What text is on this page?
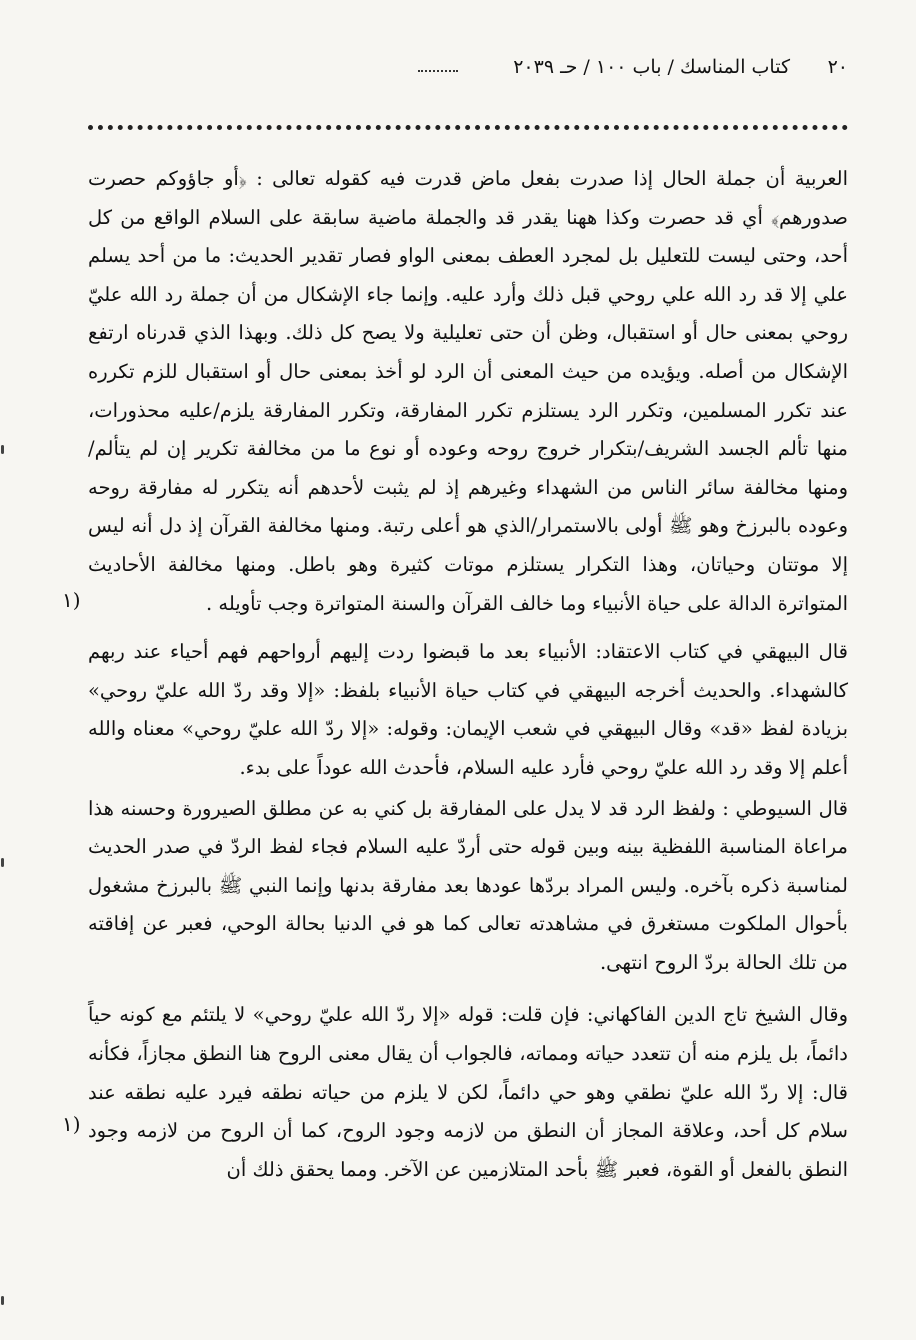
٢٠
كتاب المناسك / باب ١٠٠ / حـ ٢٠٣٩

العربية أن جملة الحال إذا صدرت بفعل ماض قدرت فيه كقوله تعالى : ﴿أو جاؤوكم حصرت صدورهم﴾ أي قد حصرت وكذا ههنا يقدر قد والجملة ماضية سابقة على السلام الواقع من كل أحد، وحتى ليست للتعليل بل لمجرد العطف بمعنى الواو فصار تقدير الحديث: ما من أحد يسلم علي إلا قد رد الله علي روحي قبل ذلك وأرد عليه. وإنما جاء الإشكال من أن جملة رد الله عليّ روحي بمعنى حال أو استقبال، وظن أن حتى تعليلية ولا يصح كل ذلك. وبهذا الذي قدرناه ارتفع الإشكال من أصله. ويؤيده من حيث المعنى أن الرد لو أخذ بمعنى حال أو استقبال للزم تكرره عند تكرر المسلمين، وتكرر الرد يستلزم تكرر المفارقة، وتكرر المفارقة يلزم/عليه محذورات، منها تألم الجسد الشريف/بتكرار خروج روحه وعوده أو نوع ما من مخالفة تكرير إن لم يتألم/ومنها مخالفة سائر الناس من الشهداء وغيرهم إذ لم يثبت لأحدهم أنه يتكرر له مفارقة روحه وعوده بالبرزخ وهو ﷺ أولى بالاستمرار/الذي هو أعلى رتبة. ومنها مخالفة القرآن إذ دل أنه ليس إلا موتتان وحياتان، وهذا التكرار يستلزم موتات كثيرة وهو باطل. ومنها مخالفة الأحاديث المتواترة الدالة على حياة الأنبياء وما خالف القرآن والسنة المتواترة وجب تأويله .

قال البيهقي في كتاب الاعتقاد: الأنبياء بعد ما قبضوا ردت إليهم أرواحهم فهم أحياء عند ربهم كالشهداء. والحديث أخرجه البيهقي في كتاب حياة الأنبياء بلفظ: «إلا وقد ردّ الله عليّ روحي» بزيادة لفظ «قد» وقال البيهقي في شعب الإيمان: وقوله: «إلا ردّ الله عليّ روحي» معناه والله أعلم إلا وقد رد الله عليّ روحي فأرد عليه السلام، فأحدث الله عوداً على بدء.

قال السيوطي : ولفظ الرد قد لا يدل على المفارقة بل كني به عن مطلق الصيرورة وحسنه هذا مراعاة المناسبة اللفظية بينه وبين قوله حتى أردّ عليه السلام فجاء لفظ الردّ في صدر الحديث لمناسبة ذكره بآخره. وليس المراد بردّها عودها بعد مفارقة بدنها وإنما النبي ﷺ بالبرزخ مشغول بأحوال الملكوت مستغرق في مشاهدته تعالى كما هو في الدنيا بحالة الوحي، فعبر عن إفاقته من تلك الحالة بردّ الروح انتهى.

وقال الشيخ تاج الدين الفاكهاني: فإن قلت: قوله «إلا ردّ الله عليّ روحي» لا يلتئم مع كونه حياً دائماً، بل يلزم منه أن تتعدد حياته ومماته، فالجواب أن يقال معنى الروح هنا النطق مجازاً، فكأنه قال: إلا ردّ الله عليّ نطقي وهو حي دائماً، لكن لا يلزم من حياته نطقه فيرد عليه نطقه عند سلام كل أحد، وعلاقة المجاز أن النطق من لازمه وجود الروح، كما أن الروح من لازمه وجود النطق بالفعل أو القوة، فعبر ﷺ بأحد المتلازمين عن الآخر. ومما يحقق ذلك أن

(١
(١
